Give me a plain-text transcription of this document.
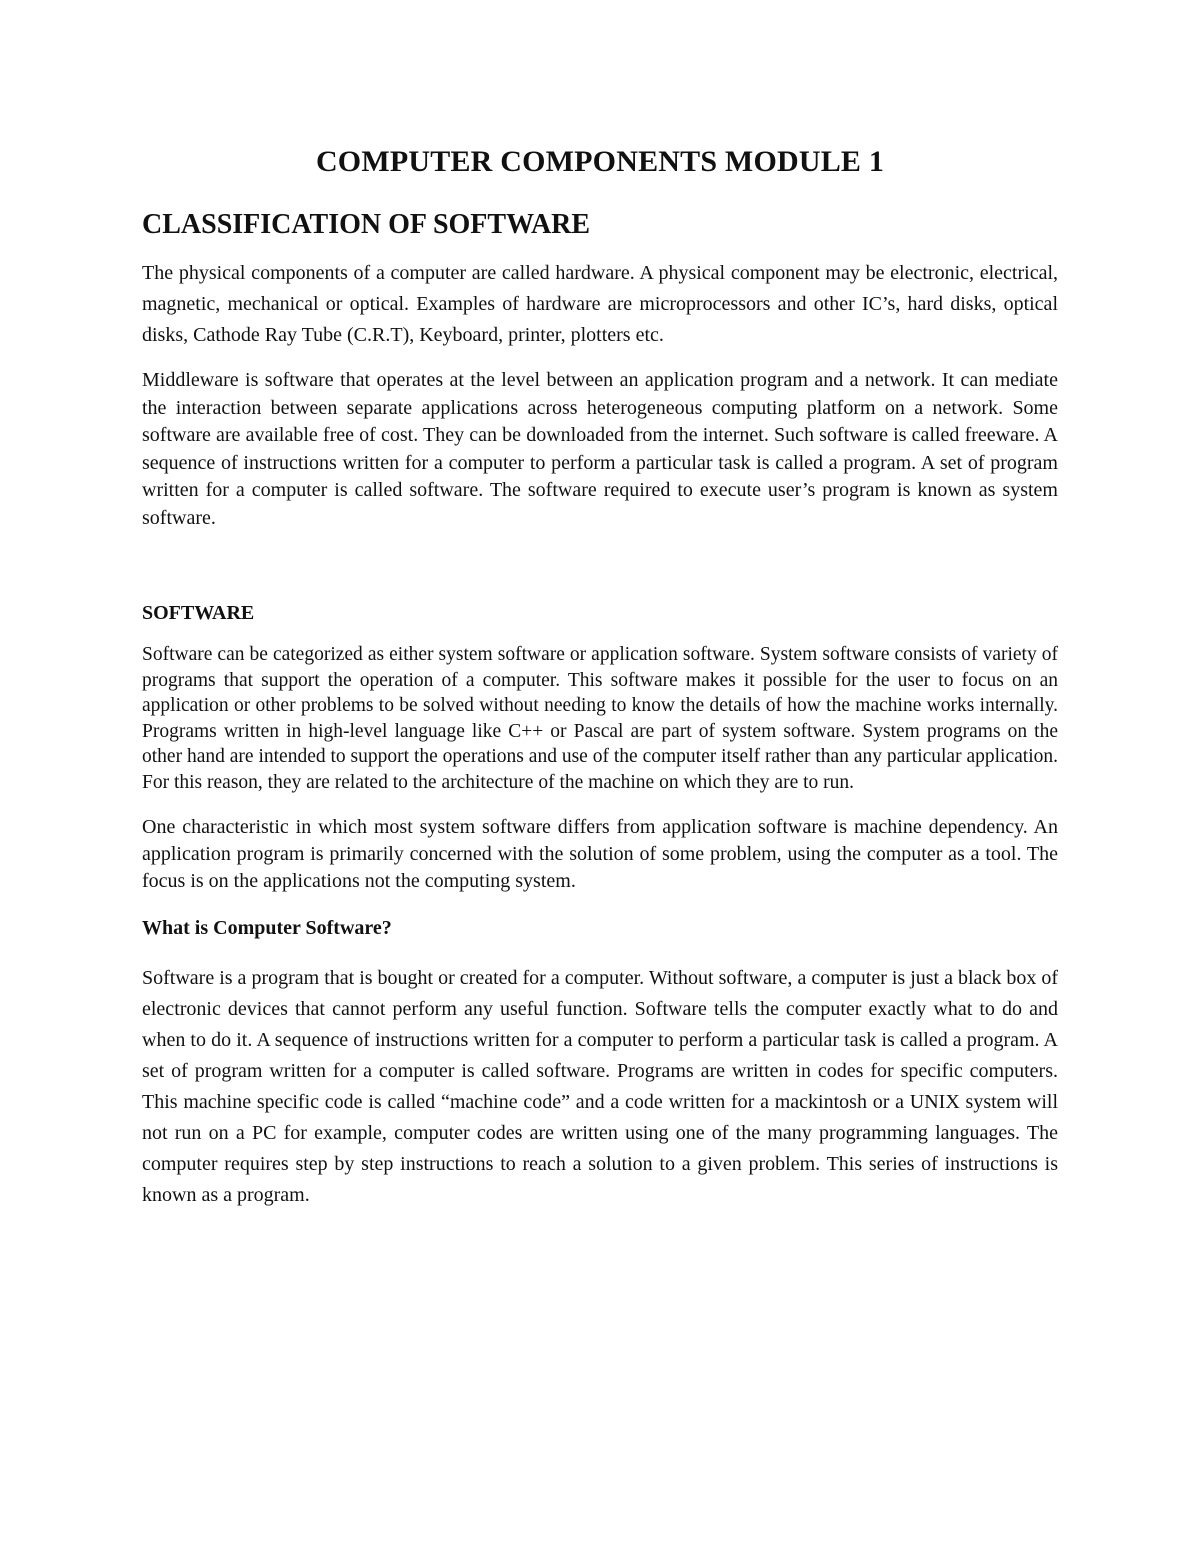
COMPUTER COMPONENTS MODULE 1
CLASSIFICATION OF SOFTWARE

The physical components of a computer are called hardware. A physical component may be electronic, electrical, magnetic, mechanical or optical. Examples of hardware are microprocessors and other IC’s, hard disks, optical disks, Cathode Ray Tube (C.R.T), Keyboard, printer, plotters etc.

Middleware is software that operates at the level between an application program and a network. It can mediate the interaction between separate applications across heterogeneous computing platform on a network. Some software are available free of cost. They can be downloaded from the internet. Such software is called freeware. A sequence of instructions written for a computer to perform a particular task is called a program. A set of program written for a computer is called software. The software required to execute user’s program is known as system software.

SOFTWARE

Software can be categorized as either system software or application software. System software consists of variety of programs that support the operation of a computer. This software makes it possible for the user to focus on an application or other problems to be solved without needing to know the details of how the machine works internally. Programs written in high-level language like C++ or Pascal are part of system software. System programs on the other hand are intended to support the operations and use of the computer itself rather than any particular application. For this reason, they are related to the architecture of the machine on which they are to run.

One characteristic in which most system software differs from application software is machine dependency. An application program is primarily concerned with the solution of some problem, using the computer as a tool. The focus is on the applications not the computing system.

What is Computer Software?

Software is a program that is bought or created for a computer. Without software, a computer is just a black box of electronic devices that cannot perform any useful function. Software tells the computer exactly what to do and when to do it. A sequence of instructions written for a computer to perform a particular task is called a program. A set of program written for a computer is called software. Programs are written in codes for specific computers. This machine specific code is called “machine code” and a code written for a mackintosh or a UNIX system will not run on a PC for example, computer codes are written using one of the many programming languages. The computer requires step by step instructions to reach a solution to a given problem. This series of instructions is known as a program.
